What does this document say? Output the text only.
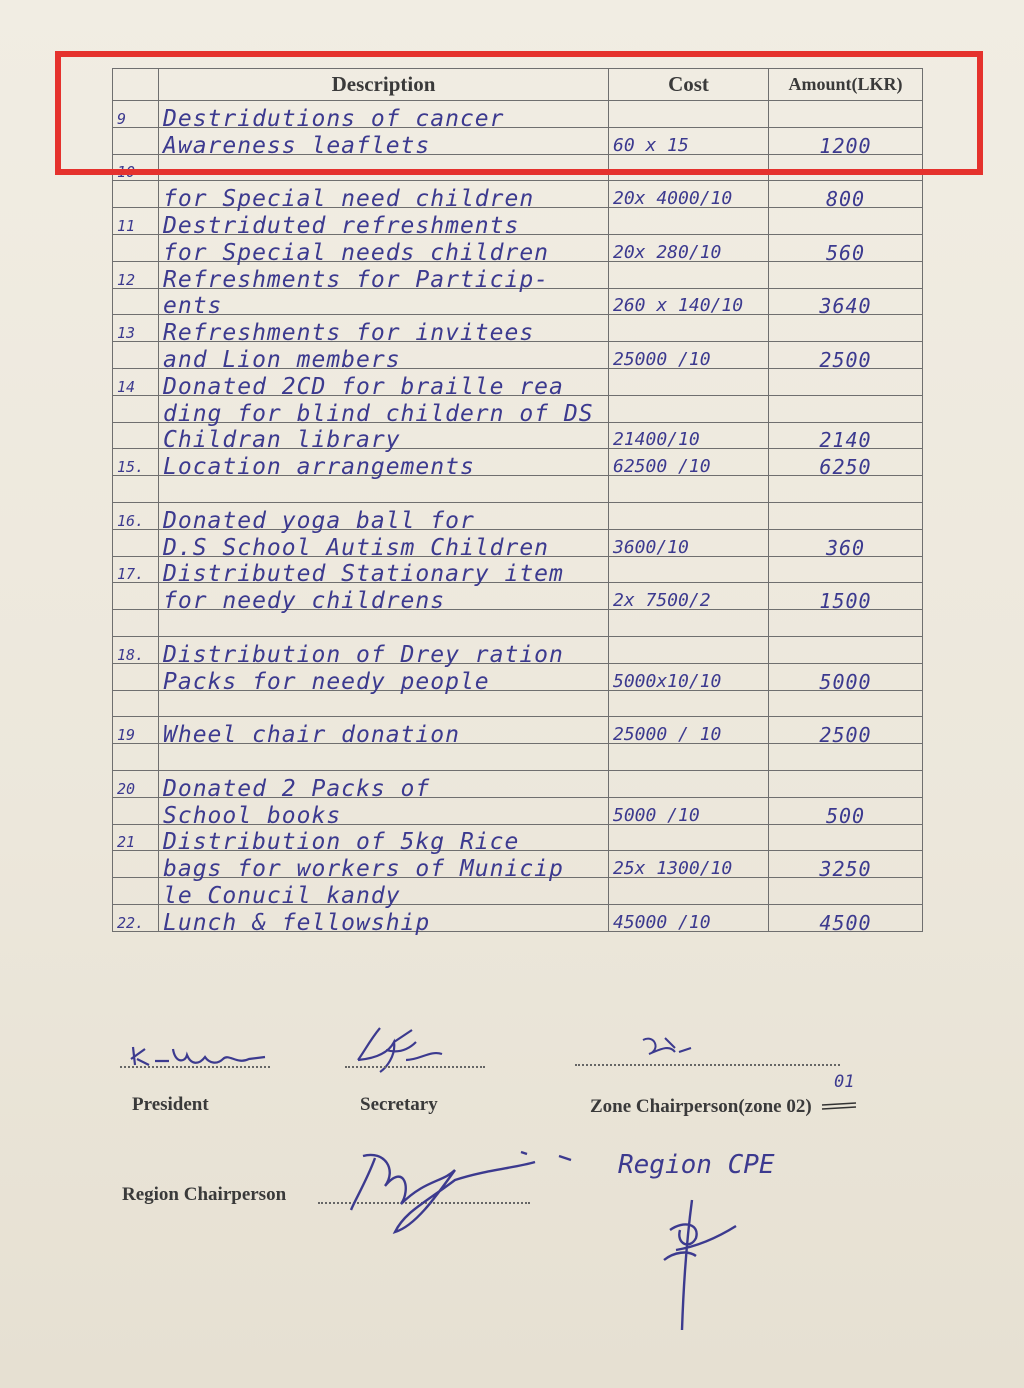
	Description	Cost	Amount(LKR)
9	Destridutions of cancer		

	Awareness leaflets	60 x 15	1200

10			

	for Special need children	20x 4000/10	800

11	Destriduted refreshments		

	for Special needs children	20x 280/10	560

12	Refreshments for Particip-		

	ents	260 x 140/10	3640

13	Refreshments for invitees		

	and Lion members	25000 /10	2500

14	Donated 2CD for braille rea		

	ding for blind childern of DS		

	Childran library	21400/10	2140

15.	Location arrangements	62500 /10	6250

16.	Donated yoga ball for		

	D.S School Autism Children	3600/10	360

17.	Distributed Stationary item		

	for needy childrens	2x 7500/2	1500

18.	Distribution of Drey ration		

	Packs for needy people	5000x10/10	5000

19	Wheel chair donation	25000 / 10	2500

20	Donated 2 Packs of		

	School books	5000 /10	500

21	Distribution of 5kg Rice		

	bags for workers of Municip	25x 1300/10	3250

	le Conucil kandy		

22.	Lunch & fellowship	45000 /10	4500
President	Secretary	Zone Chairperson(zone 02)
01
Region Chairperson
Region CPE
